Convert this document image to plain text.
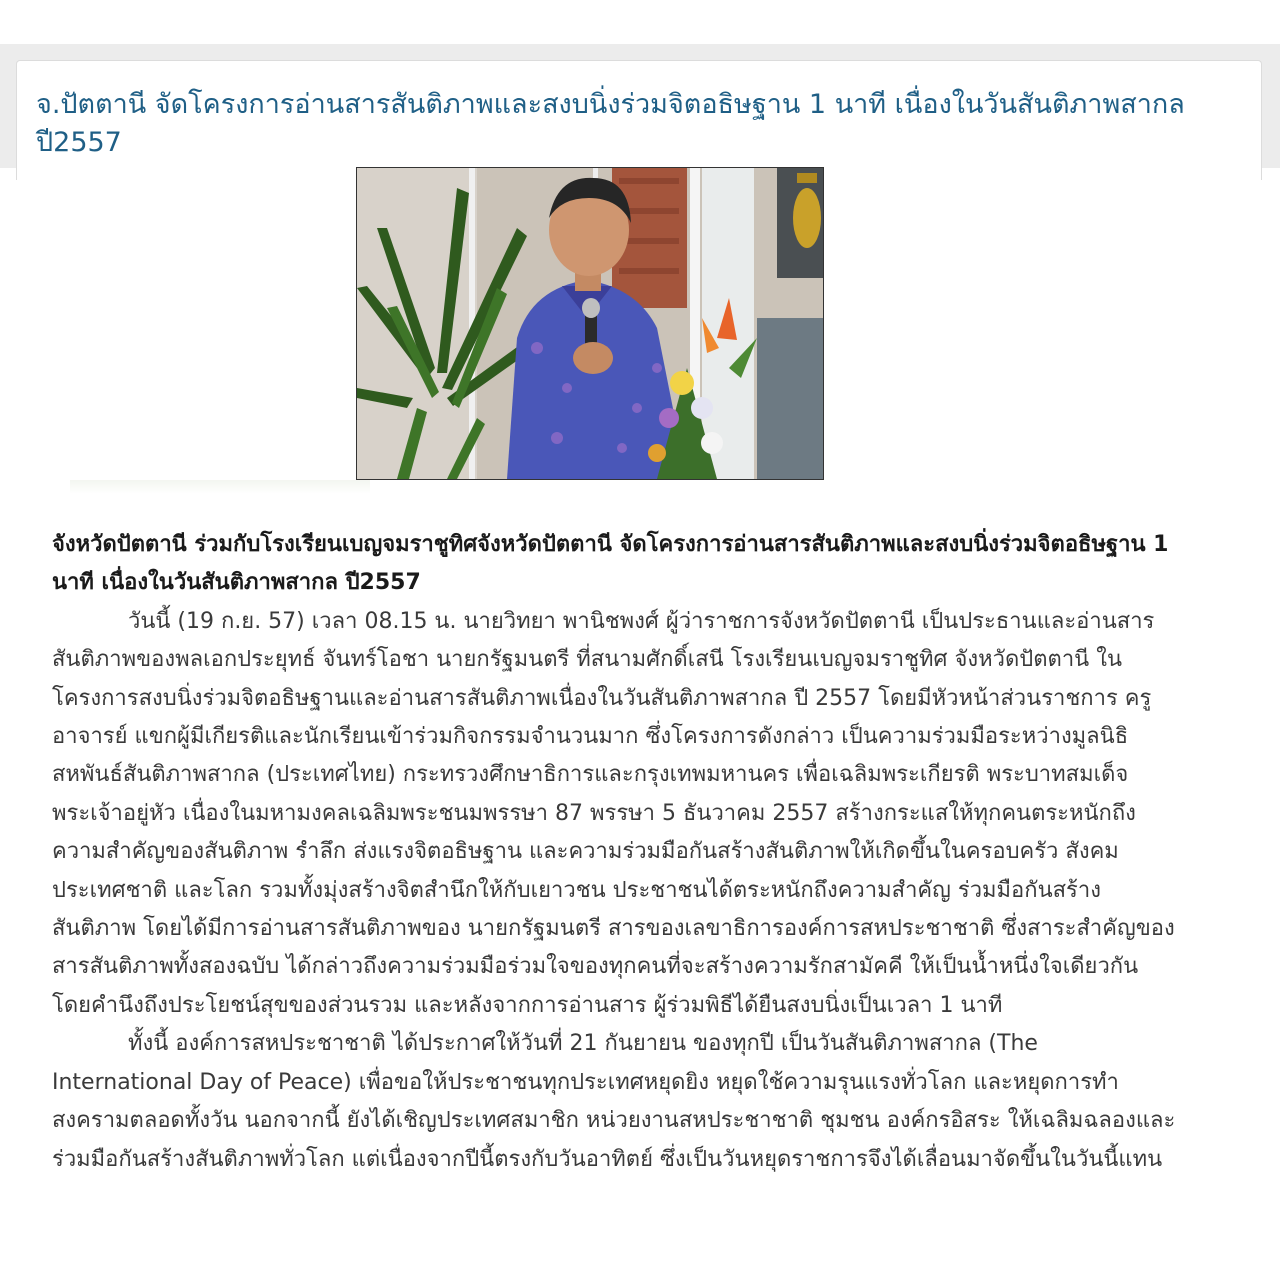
จ.ปัตตานี จัดโครงการอ่านสารสันติภาพและสงบนิ่งร่วมจิตอธิษฐาน 1 นาที เนื่องในวันสันติภาพสากล ปี2557

จังหวัดปัตตานี ร่วมกับโรงเรียนเบญจมราชูทิศจังหวัดปัตตานี จัดโครงการอ่านสารสันติภาพและสงบนิ่งร่วมจิตอธิษฐาน 1 นาที เนื่องในวันสันติภาพสากล ปี2557

วันนี้ (19 ก.ย. 57) เวลา 08.15 น. นายวิทยา พานิชพงศ์ ผู้ว่าราชการจังหวัดปัตตานี เป็นประธานและอ่านสารสันติภาพของพลเอกประยุทธ์ จันทร์โอชา นายกรัฐมนตรี ที่สนามศักดิ์เสนี โรงเรียนเบญจมราชูทิศ จังหวัดปัตตานี ในโครงการสงบนิ่งร่วมจิตอธิษฐานและอ่านสารสันติภาพเนื่องในวันสันติภาพสากล ปี 2557 โดยมีหัวหน้าส่วนราชการ ครูอาจารย์ แขกผู้มีเกียรติและนักเรียนเข้าร่วมกิจกรรมจำนวนมาก ซึ่งโครงการดังกล่าว เป็นความร่วมมือระหว่างมูลนิธิสหพันธ์สันติภาพสากล (ประเทศไทย) กระทรวงศึกษาธิการและกรุงเทพมหานคร เพื่อเฉลิมพระเกียรติ พระบาทสมเด็จพระเจ้าอยู่หัว เนื่องในมหามงคลเฉลิมพระชนมพรรษา 87 พรรษา 5 ธันวาคม 2557 สร้างกระแสให้ทุกคนตระหนักถึงความสำคัญของสันติภาพ รำลึก ส่งแรงจิตอธิษฐาน และความร่วมมือกันสร้างสันติภาพให้เกิดขึ้นในครอบครัว สังคม ประเทศชาติ และโลก รวมทั้งมุ่งสร้างจิตสำนึกให้กับเยาวชน ประชาชนได้ตระหนักถึงความสำคัญ ร่วมมือกันสร้างสันติภาพ โดยได้มีการอ่านสารสันติภาพของ นายกรัฐมนตรี สารของเลขาธิการองค์การสหประชาชาติ ซึ่งสาระสำคัญของสารสันติภาพทั้งสองฉบับ ได้กล่าวถึงความร่วมมือร่วมใจของทุกคนที่จะสร้างความรักสามัคคี ให้เป็นน้ำหนึ่งใจเดียวกัน โดยคำนึงถึงประโยชน์สุขของส่วนรวม และหลังจากการอ่านสาร ผู้ร่วมพิธีได้ยืนสงบนิ่งเป็นเวลา 1 นาที

ทั้งนี้ องค์การสหประชาชาติ ได้ประกาศให้วันที่ 21 กันยายน ของทุกปี เป็นวันสันติภาพสากล (The International Day of Peace) เพื่อขอให้ประชาชนทุกประเทศหยุดยิง หยุดใช้ความรุนแรงทั่วโลก และหยุดการทำสงครามตลอดทั้งวัน นอกจากนี้ ยังได้เชิญประเทศสมาชิก หน่วยงานสหประชาชาติ ชุมชน องค์กรอิสระ ให้เฉลิมฉลองและร่วมมือกันสร้างสันติภาพทั่วโลก แต่เนื่องจากปีนี้ตรงกับวันอาทิตย์ ซึ่งเป็นวันหยุดราชการจึงได้เลื่อนมาจัดขึ้นในวันนี้แทน
